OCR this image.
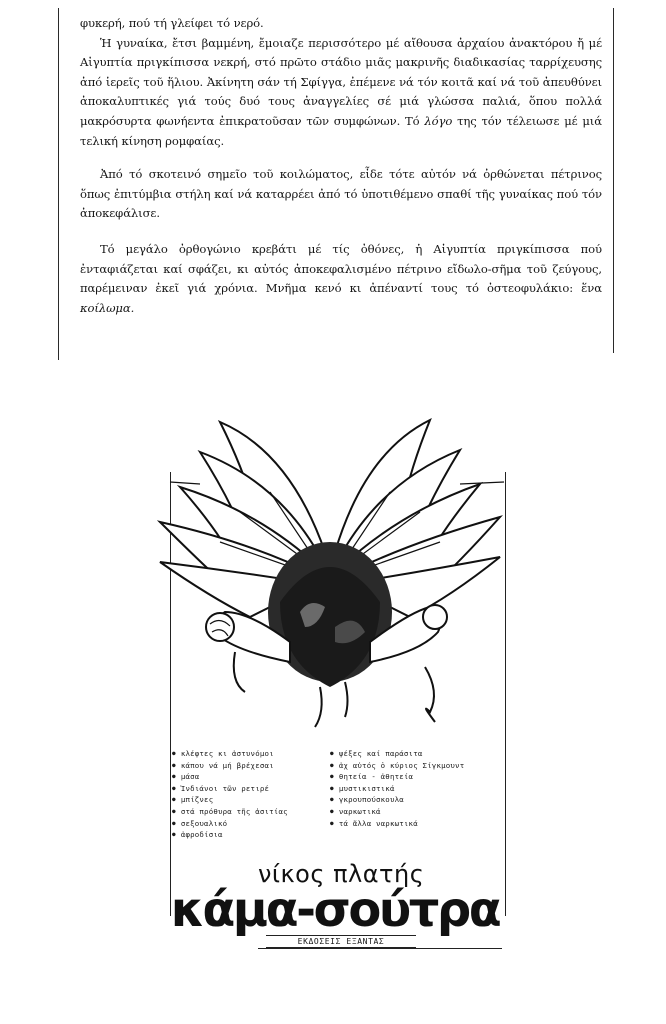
φυκερή, πού τή γλείφει τό νερό.

Ἡ γυναίκα, ἔτσι βαμμένη, ἔμοιαζε περισσότερο μέ αἴθουσα ἀρχαίου ἀνακτόρου ἤ μέ Αἰγυπτία πριγκίπισσα νεκρή, στό πρῶτο στάδιο μιᾶς μακρινῆς διαδικασίας ταρρίχευσης ἀπό ἱερεῖς τοῦ ἥλιου. Ἀκίνητη σάν τή Σφίγγα, ἐπέμενε νά τόν κοιτᾶ καί νά τοῦ ἀπευθύνει ἀποκαλυπτικές γιά τούς δυό τους ἀναγγελίες σέ μιά γλώσσα παλιά, ὅπου πολλά μακρόσυρτα φωνήεντα ἐπικρατοῦσαν τῶν συμφώνων. Τό λόγο της τόν τέλειωσε μέ μιά τελική κίνηση ρομφαίας.

Ἀπό τό σκοτεινό σημεῖο τοῦ κοιλώματος, εἶδε τότε αὐτόν νά ὀρθώνεται πέτρινος ὅπως ἐπιτύμβια στήλη καί νά καταρρέει ἀπό τό ὑποτιθέμενο σπαθί τῆς γυναίκας πού τόν ἀποκεφάλισε.

Τό μεγάλο ὀρθογώνιο κρεβάτι μέ τίς ὀθόνες, ἡ Αἰγυπτία πριγκίπισσα πού ἐνταφιάζεται καί σφάζει, κι αὐτός ἀποκεφαλισμένο πέτρινο εἴδωλο-σῆμα τοῦ ζεύγους, παρέμειναν ἐκεῖ γιά χρόνια. Μνῆμα κενό κι ἀπέναντί τους τό ὀστεοφυλάκιο: ἕνα κοίλωμα.

● κλέφτες κι ἀστυνόμοι
● κάπου νά μή βρέχεσαι
● μάσα
● Ἰνδιάνοι τῶν ρετιρέ
● μπίζνες
● στά πρόθυρα τῆς ἀσιτίας
● σεξουαλικό
● ἀφροδίσια
● ψέξες καί παράσιτα
● ἀχ αὐτός ὁ κύριος Σίγκμουντ
● θητεία - ἀθητεία
● μυστικιστικά
● γκρουπούσκουλα
● ναρκωτικά
● τά ἄλλα ναρκωτικά
νίκος πλατής
κάμα-σούτρα
ΕΚΔΟΣΕΙΣ ΕΞΑΝΤΑΣ
